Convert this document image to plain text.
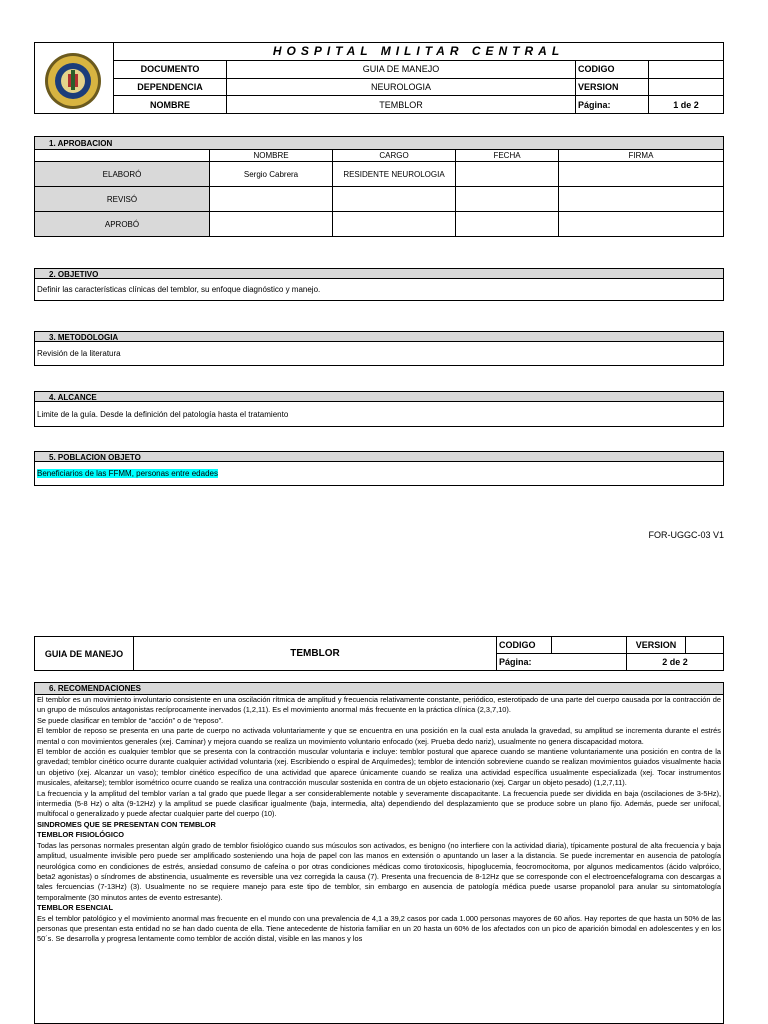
	HOSPITAL MILITAR CENTRAL			
	DOCUMENTO	GUIA DE MANEJO	CODIGO	
	DEPENDENCIA	NEUROLOGIA	VERSION	
	NOMBRE	TEMBLOR	Página:	1 de 2
1. APROBACION				
	NOMBRE	CARGO	FECHA	FIRMA
ELABORÓ	Sergio Cabrera	RESIDENTE NEUROLOGIA		
REVISÓ				
APROBÓ				
2. OBJETIVO
Definir las características clínicas del temblor, su enfoque diagnóstico y manejo.
3. METODOLOGIA
Revisión de la literatura
4. ALCANCE
Limite de la guía. Desde la definición del patología hasta el tratamiento
5. POBLACION OBJETO
Beneficiarios de las FFMM, personas entre edades
FOR-UGGC-03 V1
GUIA DE MANEJO	TEMBLOR	CODIGO		VERSION	
		Página:		2 de 2	
6. RECOMENDACIONES

El temblor es un movimiento involuntario consistente en una oscilación rítmica de amplitud y frecuencia relativamente constante, periódico, esterotipado de una parte del cuerpo causada por la contracción de un grupo de músculos antagonistas recíprocamente inervados (1,2,11). Es el movimiento anormal más frecuente en la práctica clínica (2,3,7,10).

Se puede clasificar en temblor de “acción” o de “reposo”.

El temblor de reposo se presenta en una parte de cuerpo no activada voluntariamente y que se encuentra en una posición en la cual esta anulada la gravedad, su amplitud se incrementa durante el estrés mental o con movimientos generales (xej. Caminar) y mejora cuando se realiza un movimiento voluntario enfocado (xej. Prueba dedo nariz), usualmente no genera discapacidad motora.

El temblor de acción es cualquier temblor que se presenta con la contracción muscular voluntaria e incluye: temblor postural que aparece cuando se mantiene voluntariamente una posición en contra de la gravedad; temblor cinético ocurre durante cualquier actividad voluntaria (xej. Escribiendo o espiral de Arquímedes); temblor de intención sobreviene cuando se realizan movimientos guiados visualmente hacia un objetivo (xej. Alcanzar un vaso); temblor cinético específico de una actividad que aparece únicamente cuando se realiza una actividad específica usualmente especializada (xej. Tocar instrumentos musicales, afeitarse); temblor isométrico ocurre cuando se realiza una contracción muscular sostenida en contra de un objeto estacionario (xej. Cargar un objeto pesado) (1,2,7,11).

La frecuencia y la amplitud del temblor varían a tal grado que puede llegar a ser considerablemente notable y severamente discapacitante. La frecuencia puede ser dividida en baja (oscilaciones de 3-5Hz), intermedia (5-8 Hz) o alta (9-12Hz) y la amplitud se puede clasificar igualmente (baja, intermedia, alta) dependiendo del desplazamiento que se produce sobre un plano fijo. Además, puede ser unifocal, multifocal o generalizado y puede afectar cualquier parte del cuerpo (10).

SINDROMES QUE SE PRESENTAN CON TEMBLOR

TEMBLOR FISIOLÓGICO

Todas las personas normales presentan algún grado de temblor fisiológico cuando sus músculos son activados, es benigno (no interfiere con la actividad diaria), típicamente postural de alta frecuencia y baja amplitud, usualmente invisible pero puede ser amplificado sosteniendo una hoja de papel con las manos en extensión o apuntando un laser a la distancia. Se puede incrementar en ausencia de patología neurológica como en condiciones de estrés, ansiedad consumo de cafeína o por otras condiciones médicas como tirotoxicosis, hipoglucemia, feocromocitoma, por algunos medicamentos (ácido valpróico, beta2 agonistas) o síndromes de abstinencia, usualmente es reversible una vez corregida la causa (7). Presenta una frecuencia de 8-12Hz que se corresponde con el electroencefalograma con descargas a tales fercuencias (7-13Hz) (3). Usualmente no se requiere manejo para este tipo de temblor, sin embargo en ausencia de patología médica puede usarse propanolol para anular su sintomatología temporalmente (30 minutos antes de evento estresante).

TEMBLOR ESENCIAL

Es el temblor patológico y el movimiento anormal mas frecuente en el mundo con una prevalencia de 4,1 a 39,2 casos por cada 1.000 personas mayores de 60 años. Hay reportes de que hasta un 50% de las personas que presentan esta entidad no se han dado cuenta de ella. Tiene antecedente de historia familiar en un 20 hasta un 60% de los afectados con un pico de aparición bimodal en adolescentes y en los 50´s. Se desarrolla y progresa lentamente como temblor de acción distal, visible en las manos y los
